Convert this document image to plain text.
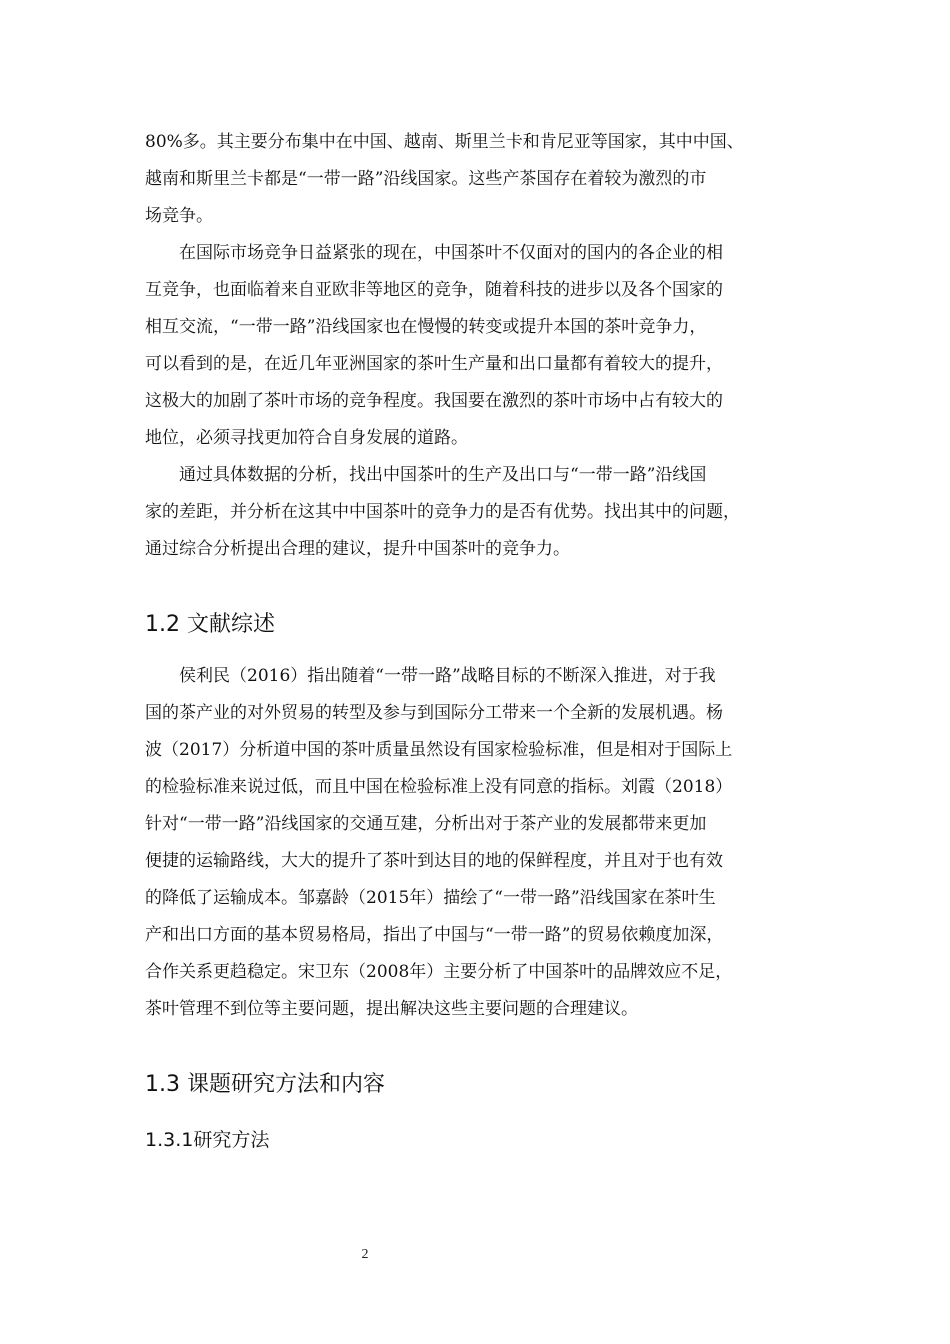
80%多。其主要分布集中在中国、越南、斯里兰卡和肯尼亚等国家，其中中国、
越南和斯里兰卡都是“一带一路”沿线国家。这些产茶国存在着较为激烈的市
场竞争。
在国际市场竞争日益紧张的现在，中国茶叶不仅面对的国内的各企业的相
互竞争，也面临着来自亚欧非等地区的竞争，随着科技的进步以及各个国家的
相互交流，“一带一路”沿线国家也在慢慢的转变或提升本国的茶叶竞争力，
可以看到的是，在近几年亚洲国家的茶叶生产量和出口量都有着较大的提升，
这极大的加剧了茶叶市场的竞争程度。我国要在激烈的茶叶市场中占有较大的
地位，必须寻找更加符合自身发展的道路。
通过具体数据的分析，找出中国茶叶的生产及出口与“一带一路”沿线国
家的差距，并分析在这其中中国茶叶的竞争力的是否有优势。找出其中的问题，
通过综合分析提出合理的建议，提升中国茶叶的竞争力。
1.2 文献综述
侯利民（2016）指出随着“一带一路”战略目标的不断深入推进，对于我
国的茶产业的对外贸易的转型及参与到国际分工带来一个全新的发展机遇。杨
波（2017）分析道中国的茶叶质量虽然设有国家检验标准，但是相对于国际上
的检验标准来说过低，而且中国在检验标准上没有同意的指标。刘霞（2018）
针对“一带一路”沿线国家的交通互建，分析出对于茶产业的发展都带来更加
便捷的运输路线，大大的提升了茶叶到达目的地的保鲜程度，并且对于也有效
的降低了运输成本。邹嘉龄（2015年）描绘了“一带一路”沿线国家在茶叶生
产和出口方面的基本贸易格局，指出了中国与“一带一路”的贸易依赖度加深，
合作关系更趋稳定。宋卫东（2008年）主要分析了中国茶叶的品牌效应不足，
茶叶管理不到位等主要问题，提出解决这些主要问题的合理建议。
1.3 课题研究方法和内容
1.3.1研究方法
2
